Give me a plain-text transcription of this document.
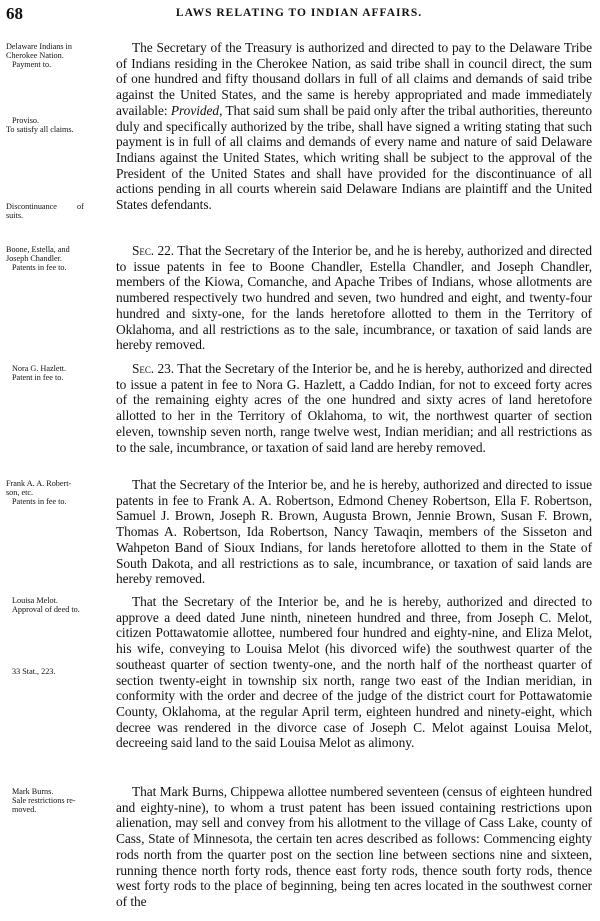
68	LAWS RELATING TO INDIAN AFFAIRS.
Delaware Indians in
Cherokee Nation.
Payment to.
Proviso.
To satisfy all claims.
Discontinuance of
suits.
Boone, Estella, and
Joseph Chandler.
Patents in fee to.
Nora G. Hazlett.
Patent in fee to.
Frank A. A. Robert-
son, etc.
Patents in fee to.
Louisa Melot.
Approval of deed to.
33 Stat., 223.
Mark Burns.
Sale restrictions re-
moved.
The Secretary of the Treasury is authorized and directed to pay to the Delaware Tribe of Indians residing in the Cherokee Nation, as said tribe shall in council direct, the sum of one hundred and fifty thousand dollars in full of all claims and demands of said tribe against the United States, and the same is hereby appropriated and made immediately available: Provided, That said sum shall be paid only after the tribal authorities, thereunto duly and specifically authorized by the tribe, shall have signed a writing stating that such payment is in full of all claims and demands of every name and nature of said Delaware Indians against the United States, which writing shall be subject to the approval of the President of the United States and shall have provided for the discontinuance of all actions pending in all courts wherein said Delaware Indians are plaintiff and the United States defendants.
Sec. 22. That the Secretary of the Interior be, and he is hereby, authorized and directed to issue patents in fee to Boone Chandler, Estella Chandler, and Joseph Chandler, members of the Kiowa, Comanche, and Apache Tribes of Indians, whose allotments are numbered respectively two hundred and seven, two hundred and eight, and twenty-four hundred and sixty-one, for the lands heretofore allotted to them in the Territory of Oklahoma, and all restrictions as to the sale, incumbrance, or taxation of said lands are hereby removed.
Sec. 23. That the Secretary of the Interior be, and he is hereby, authorized and directed to issue a patent in fee to Nora G. Hazlett, a Caddo Indian, for not to exceed forty acres of the remaining eighty acres of the one hundred and sixty acres of land heretofore allotted to her in the Territory of Oklahoma, to wit, the northwest quarter of section eleven, township seven north, range twelve west, Indian meridian; and all restrictions as to the sale, incumbrance, or taxation of said land are hereby removed.
That the Secretary of the Interior be, and he is hereby, authorized and directed to issue patents in fee to Frank A. A. Robertson, Edmond Cheney Robertson, Ella F. Robertson, Samuel J. Brown, Joseph R. Brown, Augusta Brown, Jennie Brown, Susan F. Brown, Thomas A. Robertson, Ida Robertson, Nancy Tawaqin, members of the Sisseton and Wahpeton Band of Sioux Indians, for lands heretofore allotted to them in the State of South Dakota, and all restrictions as to sale, incumbrance, or taxation of said lands are hereby removed.
That the Secretary of the Interior be, and he is hereby, authorized and directed to approve a deed dated June ninth, nineteen hundred and three, from Joseph C. Melot, citizen Pottawatomie allottee, numbered four hundred and eighty-nine, and Eliza Melot, his wife, conveying to Louisa Melot (his divorced wife) the southwest quarter of the southeast quarter of section twenty-one, and the north half of the northeast quarter of section twenty-eight in township six north, range two east of the Indian meridian, in conformity with the order and decree of the judge of the district court for Pottawatomie County, Oklahoma, at the regular April term, eighteen hundred and ninety-eight, which decree was rendered in the divorce case of Joseph C. Melot against Louisa Melot, decreeing said land to the said Louisa Melot as alimony.
That Mark Burns, Chippewa allottee numbered seventeen (census of eighteen hundred and eighty-nine), to whom a trust patent has been issued containing restrictions upon alienation, may sell and convey from his allotment to the village of Cass Lake, county of Cass, State of Minnesota, the certain ten acres described as follows: Commencing eighty rods north from the quarter post on the section line between sections nine and sixteen, running thence north forty rods, thence east forty rods, thence south forty rods, thence west forty rods to the place of beginning, being ten acres located in the southwest corner of the
